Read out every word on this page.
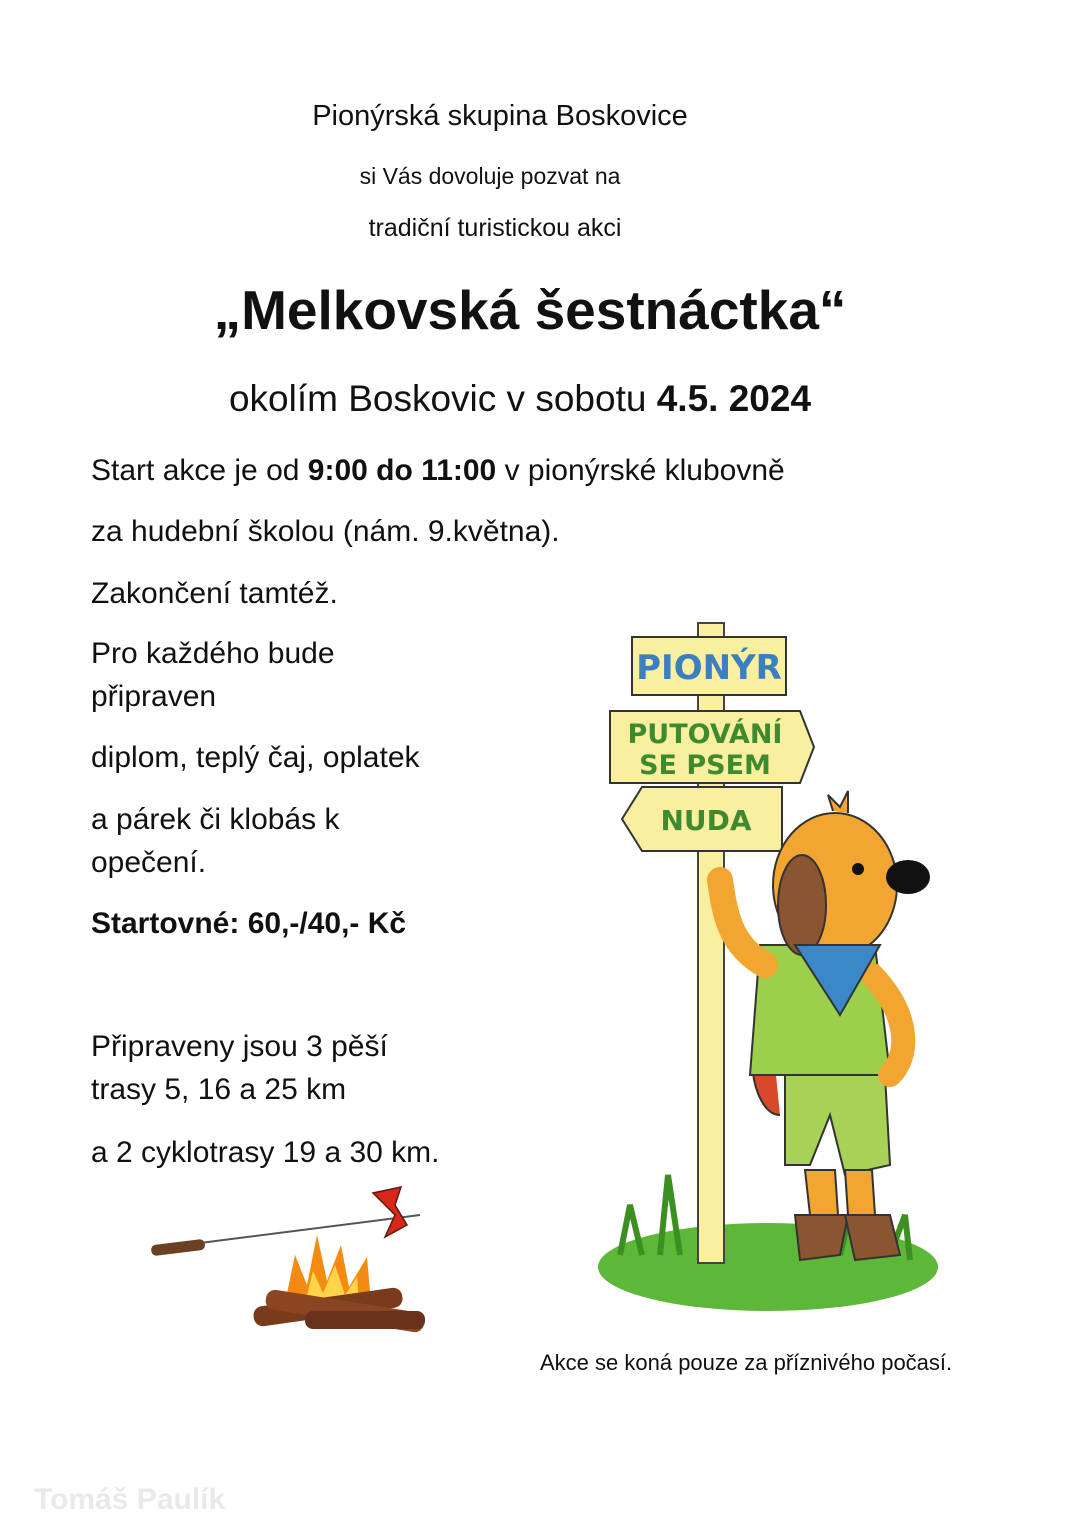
Pionýrská skupina Boskovice
si Vás dovoluje pozvat na
tradiční turistickou akci
„Melkovská šestnáctka“
okolím Boskovic v sobotu 4.5. 2024
Start akce je od 9:00 do 11:00 v pionýrské klubovně
za hudební školou (nám. 9.května).
Zakončení tamtéž.
Pro každého bude
připraven
diplom, teplý čaj, oplatek
a párek či klobás k
opečení.
Startovné: 60,-/40,- Kč
Připraveny jsou 3 pěší
trasy 5, 16 a 25 km
a 2 cyklotrasy 19 a 30 km.
PIONÝR
PUTOVÁNÍ
SE PSEM
NUDA
Akce se koná pouze za příznivého počasí.
Tomáš Paulík
